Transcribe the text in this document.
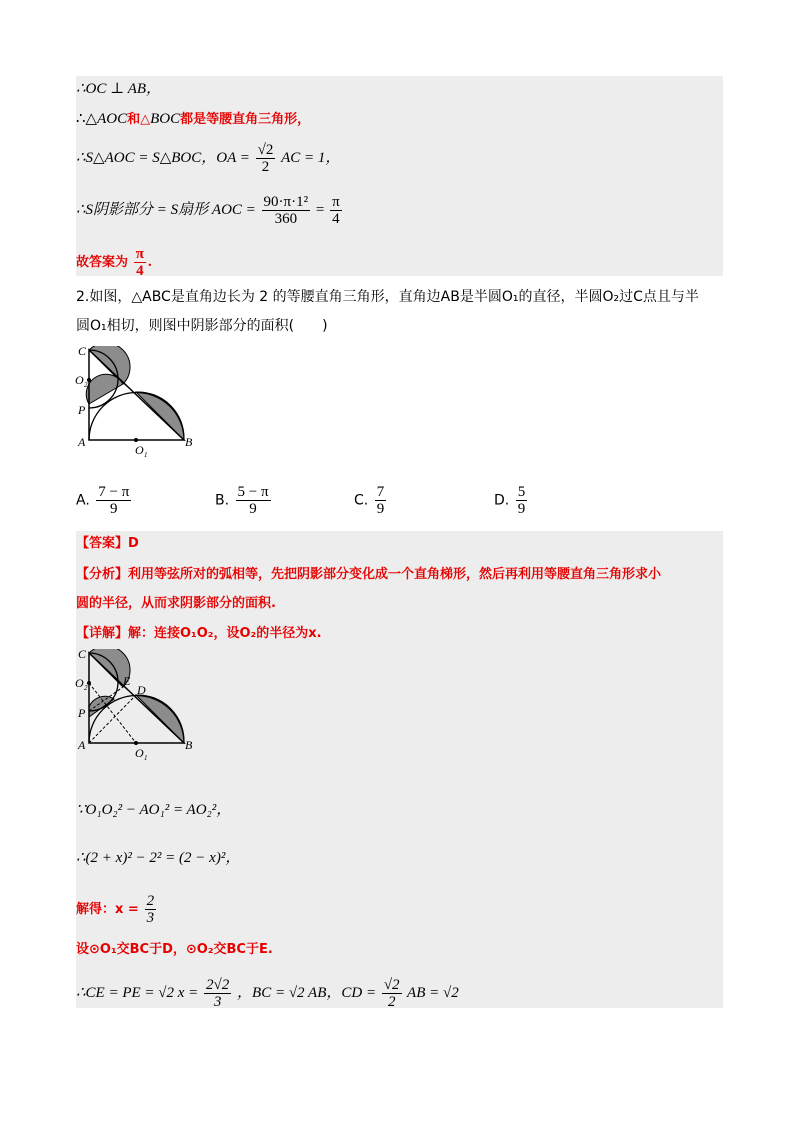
∴OC ⊥ AB，
∴△AOC和△BOC都是等腰直角三角形，
∴S△AOC = S△BOC，OA = $\frac{√2}{2}$ AC = 1，
∴S阴影部分 = S扇形 AOC = $\frac{\text{90·π·1²}}{360} = \frac{\pi}{4}$
故答案为 $\frac{\pi}{4}$ .
2.如图，△ABC是直角边长为 2 的等腰直角三角形，直角边AB是半圆O₁的直径，半圆O₂过C点且与半
圆O₁相切，则图中阴影部分的面积(　　)
C
O 2
P
A	B
O 1
A. $\frac{7 - \pi}{9}$	B. $\frac{5 - \pi}{9}$	C. $\frac{7}{9}$	D. $\frac{5}{9}$
【答案】D
【分析】利用等弦所对的弧相等，先把阴影部分变化成一个直角梯形，然后再利用等腰直角三角形求小
圆的半径，从而求阴影部分的面积.
【详解】解：连接O₁O₂，设O₂的半径为x.
C
O 2	E
D
P
A	B
O 1
∵O₁O₂² − AO₁² = AO₂²，
∴(2 + x)² − 2² = (2 − x)²，
解得：$x = \frac{2}{3}$
设⊙O₁交BC于D，⊙O₂交BC于E.
∴CE = PE = √2 $x = \frac{2√2}{3}$ ，BC = √2 AB，CD = $\frac{√2}{2}$ AB = √2
